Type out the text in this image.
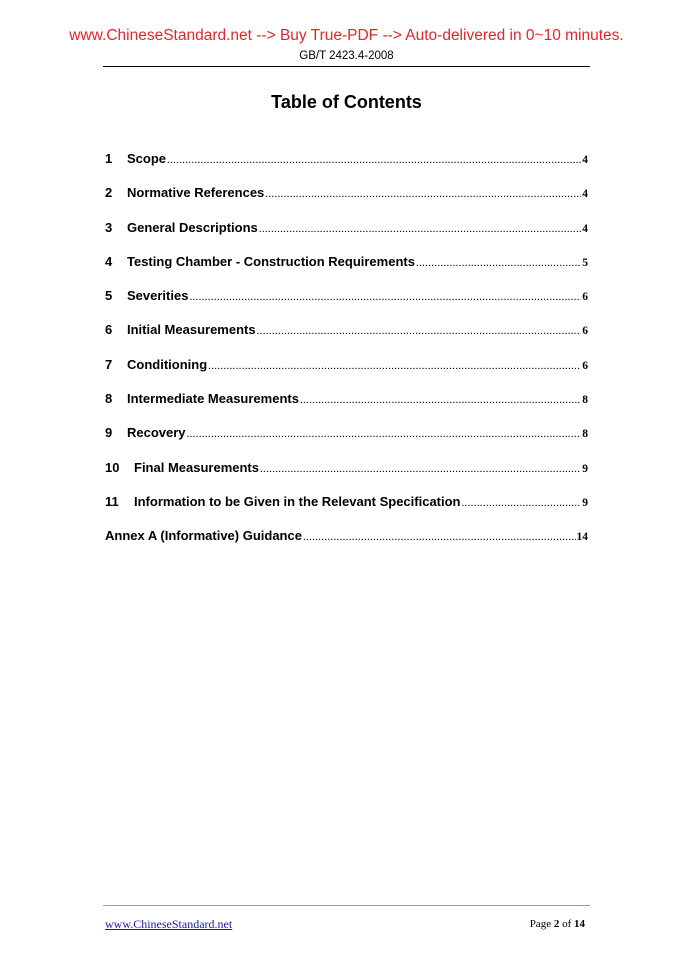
www.ChineseStandard.net --> Buy True-PDF --> Auto-delivered in 0~10 minutes.
GB/T 2423.4-2008
Table of Contents
1	Scope .....	4
2	Normative References .....	4
3	General Descriptions .....	4
4	Testing Chamber - Construction Requirements .....	5
5	Severities .....	6
6	Initial Measurements .....	6
7	Conditioning .....	6
8	Intermediate Measurements .....	8
9	Recovery .....	8
10	Final Measurements .....	9
11	Information to be Given in the Relevant Specification .....	9
Annex A (Informative) Guidance .....	14
www.ChineseStandard.net	Page 2 of 14
